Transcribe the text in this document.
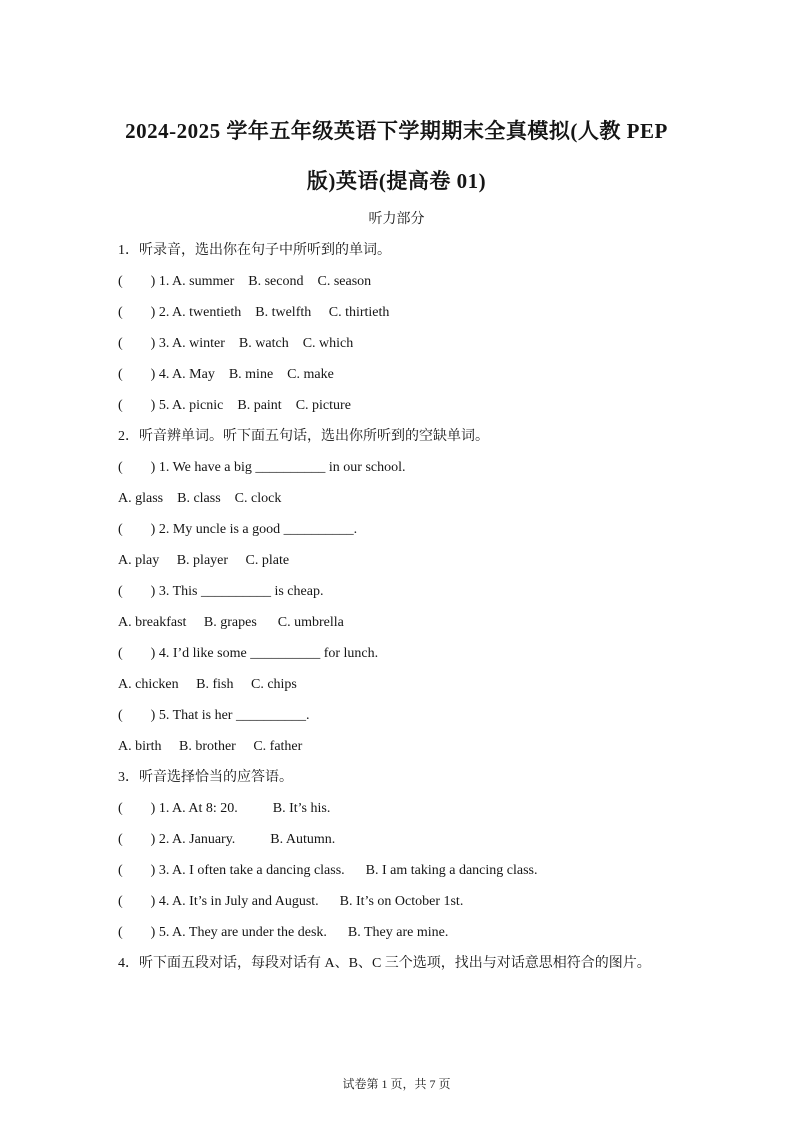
2024-2025 学年五年级英语下学期期末全真模拟(人教 PEP
版)英语(提高卷 01)
听力部分
1．听录音，选出你在句子中所听到的单词。
(        ) 1. A. summer    B. second    C. season
(        ) 2. A. twentieth    B. twelfth     C. thirtieth
(        ) 3. A. winter    B. watch    C. which
(        ) 4. A. May    B. mine    C. make
(        ) 5. A. picnic    B. paint    C. picture
2．听音辨单词。听下面五句话，选出你所听到的空缺单词。
(        ) 1. We have a big __________ in our school.
A. glass    B. class    C. clock
(        ) 2. My uncle is a good __________.
A. play     B. player     C. plate
(        ) 3. This __________ is cheap.
A. breakfast     B. grapes      C. umbrella
(        ) 4. I’d like some __________ for lunch.
A. chicken     B. fish     C. chips
(        ) 5. That is her __________.
A. birth     B. brother     C. father
3．听音选择恰当的应答语。
(        ) 1. A. At 8: 20.          B. It’s his.
(        ) 2. A. January.          B. Autumn.
(        ) 3. A. I often take a dancing class.      B. I am taking a dancing class.
(        ) 4. A. It’s in July and August.      B. It’s on October 1st.
(        ) 5. A. They are under the desk.      B. They are mine.
4．听下面五段对话，每段对话有 A、B、C 三个选项，找出与对话意思相符合的图片。
试卷第 1 页，共 7 页
